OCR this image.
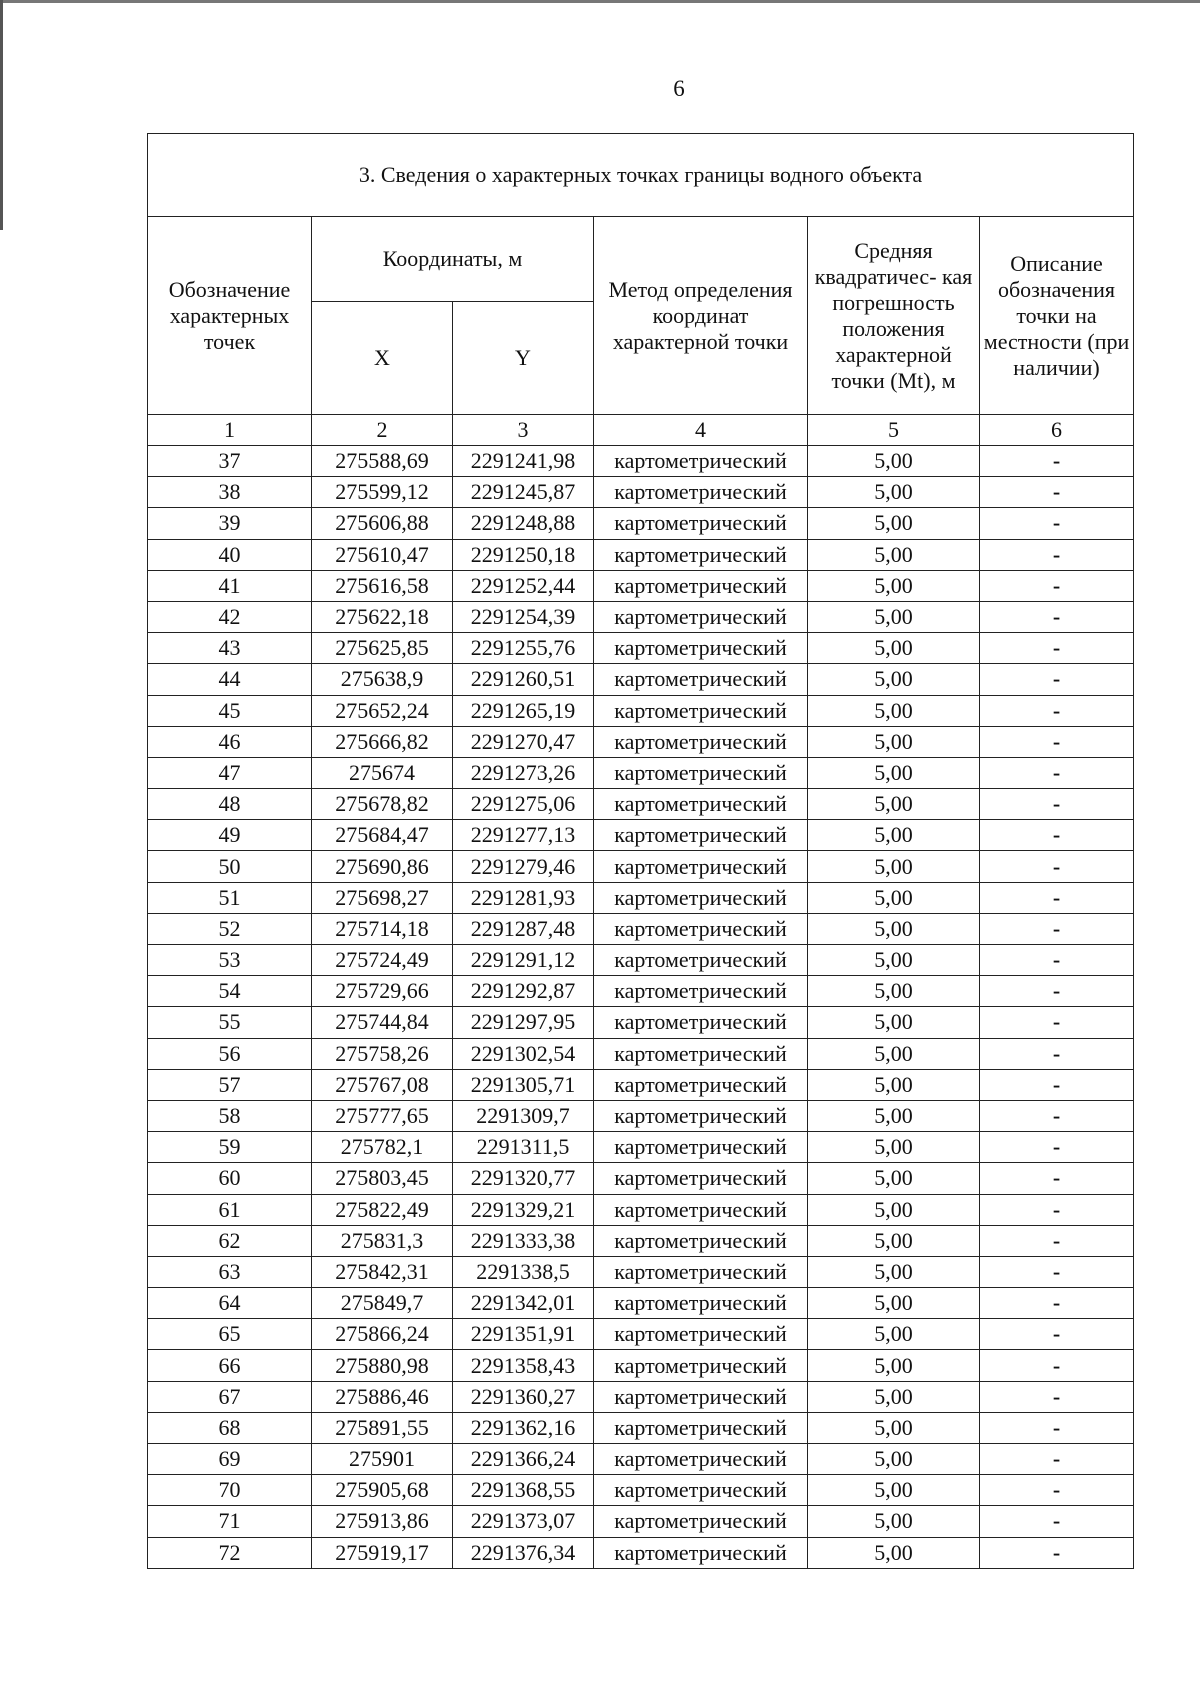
6
3. Сведения о характерных точках границы водного объекта					
Обозначение характерных точек	Координаты, м		Метод определения координат характерной точки	Средняя квадратичес- кая погрешность положения характерной точки (Mt), м	Описание обозначения точки на местности (при наличии)
	X	Y			
1	2	3	4	5	6
37	275588,69	2291241,98	картометрический	5,00	-
38	275599,12	2291245,87	картометрический	5,00	-
39	275606,88	2291248,88	картометрический	5,00	-
40	275610,47	2291250,18	картометрический	5,00	-
41	275616,58	2291252,44	картометрический	5,00	-
42	275622,18	2291254,39	картометрический	5,00	-
43	275625,85	2291255,76	картометрический	5,00	-
44	275638,9	2291260,51	картометрический	5,00	-
45	275652,24	2291265,19	картометрический	5,00	-
46	275666,82	2291270,47	картометрический	5,00	-
47	275674	2291273,26	картометрический	5,00	-
48	275678,82	2291275,06	картометрический	5,00	-
49	275684,47	2291277,13	картометрический	5,00	-
50	275690,86	2291279,46	картометрический	5,00	-
51	275698,27	2291281,93	картометрический	5,00	-
52	275714,18	2291287,48	картометрический	5,00	-
53	275724,49	2291291,12	картометрический	5,00	-
54	275729,66	2291292,87	картометрический	5,00	-
55	275744,84	2291297,95	картометрический	5,00	-
56	275758,26	2291302,54	картометрический	5,00	-
57	275767,08	2291305,71	картометрический	5,00	-
58	275777,65	2291309,7	картометрический	5,00	-
59	275782,1	2291311,5	картометрический	5,00	-
60	275803,45	2291320,77	картометрический	5,00	-
61	275822,49	2291329,21	картометрический	5,00	-
62	275831,3	2291333,38	картометрический	5,00	-
63	275842,31	2291338,5	картометрический	5,00	-
64	275849,7	2291342,01	картометрический	5,00	-
65	275866,24	2291351,91	картометрический	5,00	-
66	275880,98	2291358,43	картометрический	5,00	-
67	275886,46	2291360,27	картометрический	5,00	-
68	275891,55	2291362,16	картометрический	5,00	-
69	275901	2291366,24	картометрический	5,00	-
70	275905,68	2291368,55	картометрический	5,00	-
71	275913,86	2291373,07	картометрический	5,00	-
72	275919,17	2291376,34	картометрический	5,00	-
